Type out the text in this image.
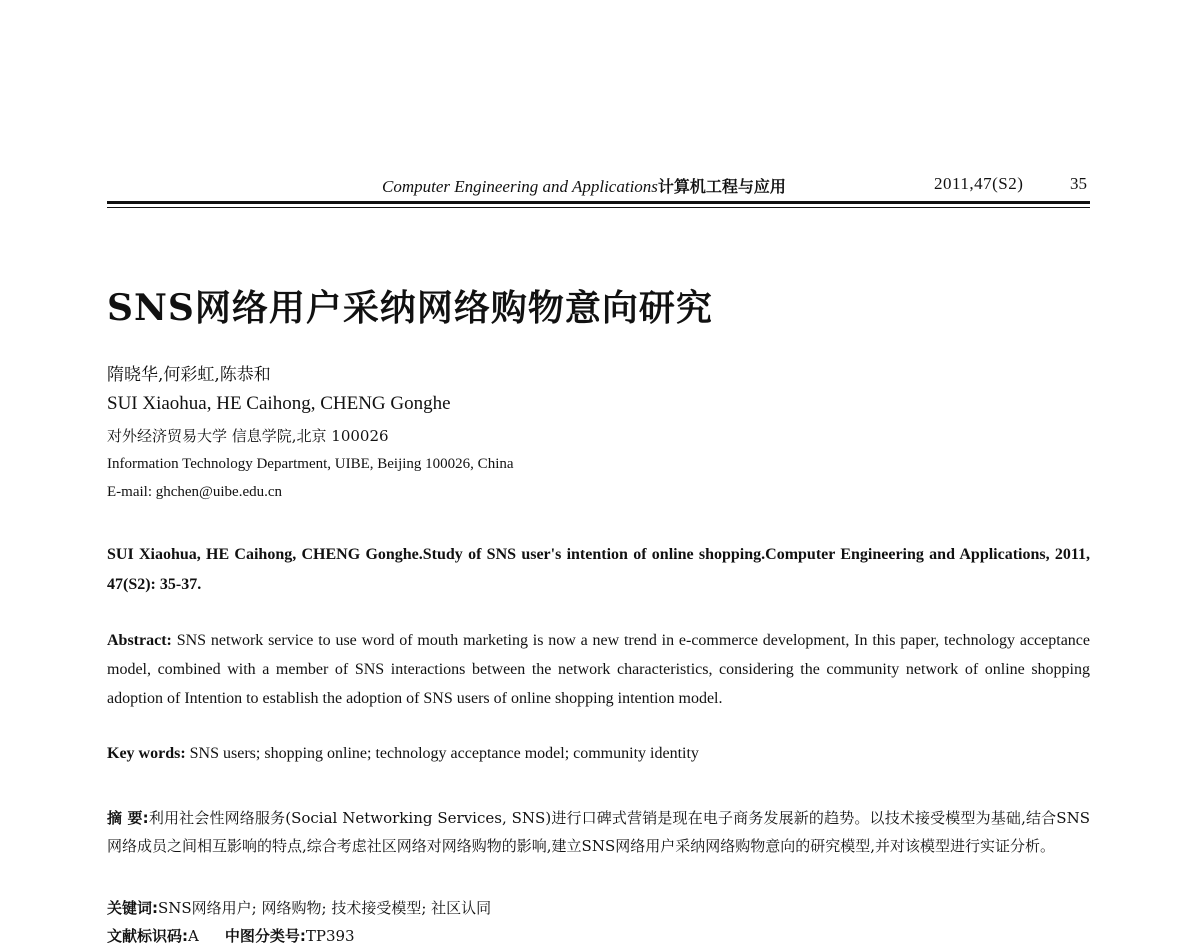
Computer Engineering and Applications计算机工程与应用	2011,47(S2)	35
SNS网络用户采纳网络购物意向研究
隋晓华,何彩虹,陈恭和
SUI Xiaohua, HE Caihong, CHENG Gonghe
对外经济贸易大学 信息学院,北京 100026
Information Technology Department, UIBE, Beijing 100026, China
E-mail: ghchen@uibe.edu.cn
SUI Xiaohua, HE Caihong, CHENG Gonghe.Study of SNS user's intention of online shopping.Computer Engineering and Applications, 2011, 47(S2): 35-37.
Abstract: SNS network service to use word of mouth marketing is now a new trend in e-commerce development, In this paper, technology acceptance model, combined with a member of SNS interactions between the network characteristics, considering the community network of online shopping adoption of Intention to establish the adoption of SNS users of online shopping intention model.
Key words: SNS users; shopping online; technology acceptance model; community identity
摘 要:利用社会性网络服务(Social Networking Services, SNS)进行口碑式营销是现在电子商务发展新的趋势。以技术接受模型为基础,结合SNS网络成员之间相互影响的特点,综合考虑社区网络对网络购物的影响,建立SNS网络用户采纳网络购物意向的研究模型,并对该模型进行实证分析。
关键词:SNS网络用户; 网络购物; 技术接受模型; 社区认同
文献标识码:A 中图分类号:TP393
